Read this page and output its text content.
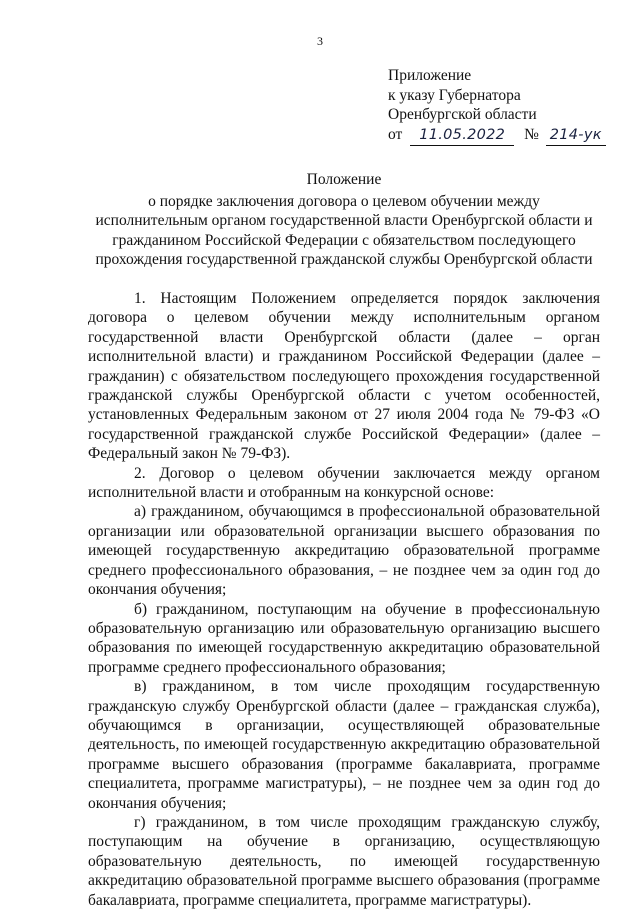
3
Приложение
к указу Губернатора
Оренбургской области
от 11.05.2022 № 214-ук
Положение
о порядке заключения договора о целевом обучении между
исполнительным органом государственной власти Оренбургской области и
гражданином Российской Федерации с обязательством последующего
прохождения государственной гражданской службы Оренбургской области

1. Настоящим Положением определяется порядок заключения договора о целевом обучении между исполнительным органом государственной власти Оренбургской области (далее – орган исполнительной власти) и гражданином Российской Федерации (далее – гражданин) с обязательством последующего прохождения государственной гражданской службы Оренбургской области с учетом особенностей, установленных Федеральным законом от 27 июля 2004 года № 79-ФЗ «О государственной гражданской службе Российской Федерации» (далее – Федеральный закон № 79-ФЗ).

2. Договор о целевом обучении заключается между органом исполнительной власти и отобранным на конкурсной основе:

а) гражданином, обучающимся в профессиональной образовательной организации или образовательной организации высшего образования по имеющей государственную аккредитацию образовательной программе среднего профессионального образования, – не позднее чем за один год до окончания обучения;

б) гражданином, поступающим на обучение в профессиональную образовательную организацию или образовательную организацию высшего образования по имеющей государственную аккредитацию образовательной программе среднего профессионального образования;

в) гражданином, в том числе проходящим государственную гражданскую службу Оренбургской области (далее – гражданская служба), обучающимся в организации, осуществляющей образовательные деятельность, по имеющей государственную аккредитацию образовательной программе высшего образования (программе бакалавриата, программе специалитета, программе магистратуры), – не позднее чем за один год до окончания обучения;

г) гражданином, в том числе проходящим гражданскую службу, поступающим на обучение в организацию, осуществляющую образовательную деятельность, по имеющей государственную аккредитацию образовательной программе высшего образования (программе бакалавриата, программе специалитета, программе магистратуры).
